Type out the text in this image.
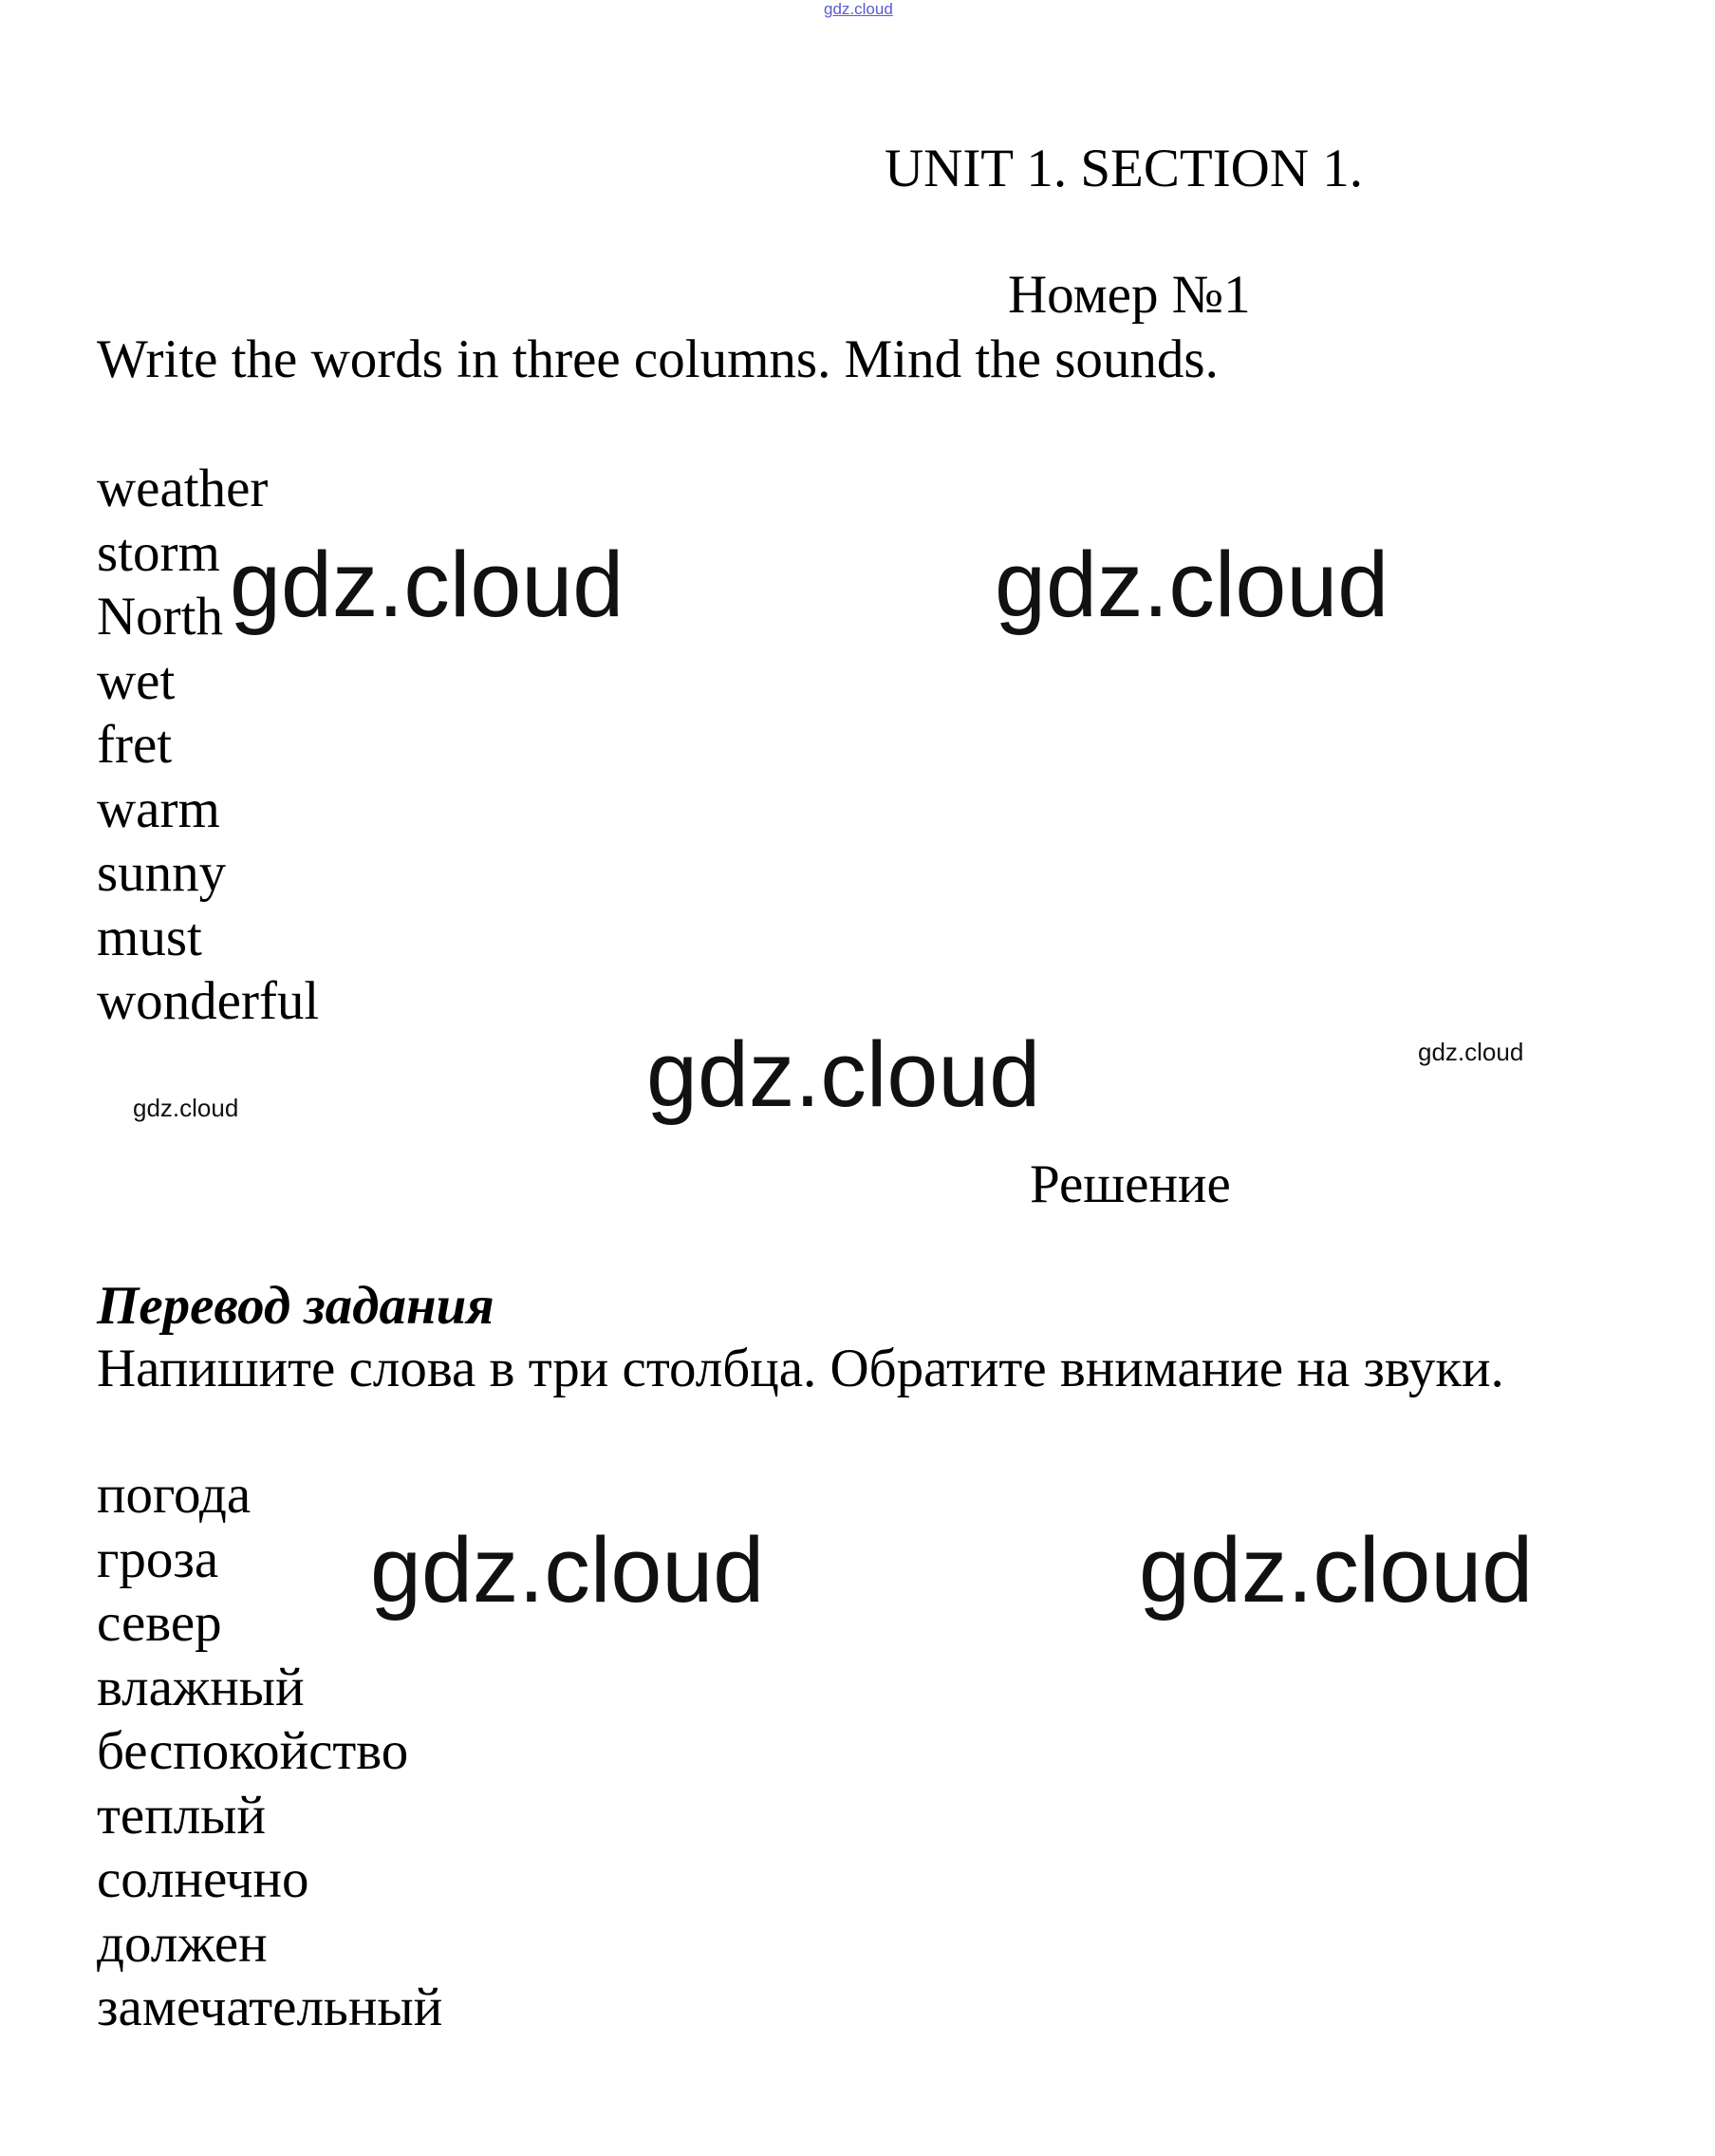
gdz.cloud
UNIT 1. SECTION 1.
Номер №1

Write the words in three columns. Mind the sounds.

weather
storm
North
wet
fret
warm
sunny
must
wonderful
Решение
Перевод задания

Напишите слова в три столбца. Обратите внимание на звуки.

погода
гроза
север
влажный
беспокойство
теплый
солнечно
должен
замечательный
gdz.cloud	gdz.cloud
gdz.cloud
gdz.cloud
gdz.cloud
gdz.cloud	gdz.cloud
